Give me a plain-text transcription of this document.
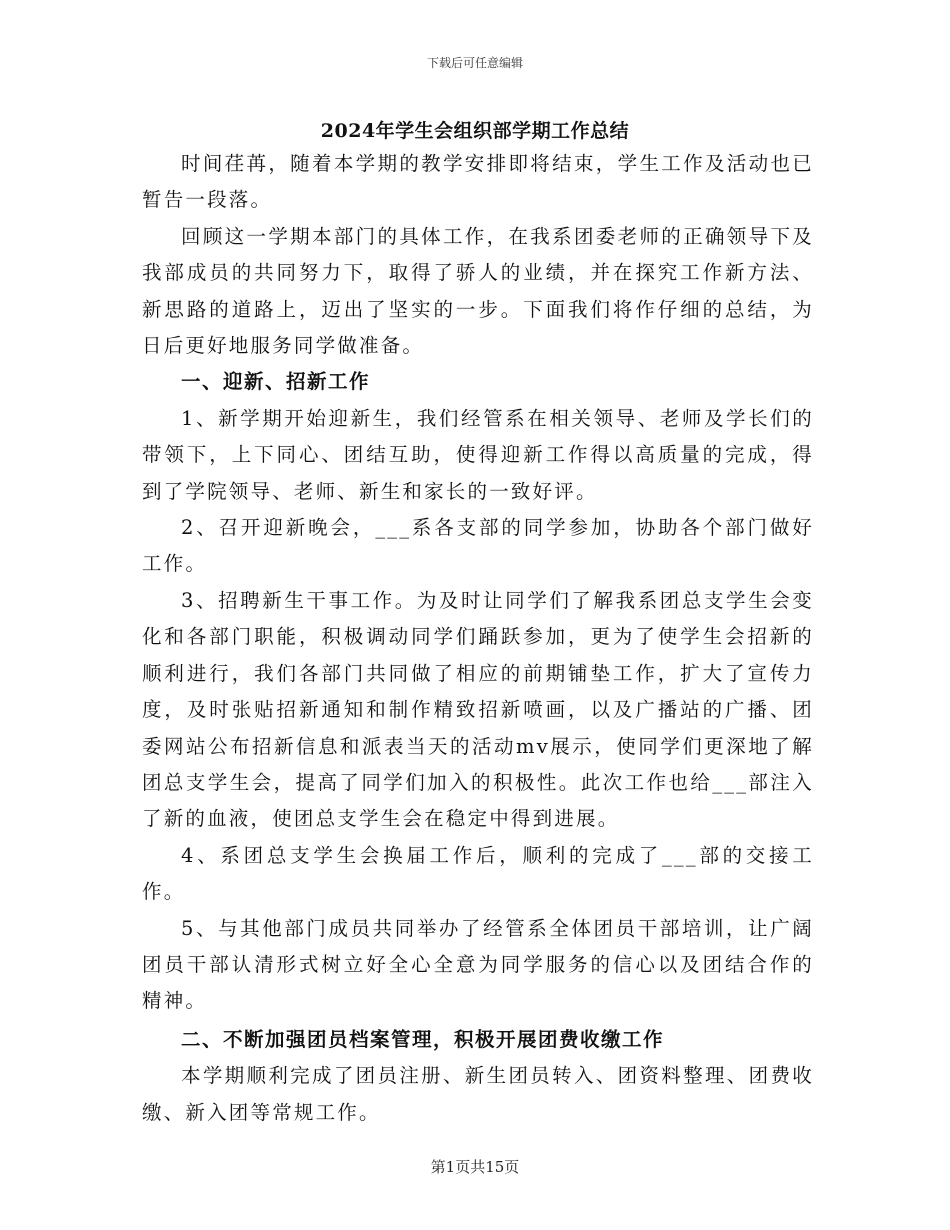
下载后可任意编辑
2024年学生会组织部学期工作总结

时间荏苒，随着本学期的教学安排即将结束，学生工作及活动也已暂告一段落。

回顾这一学期本部门的具体工作，在我系团委老师的正确领导下及我部成员的共同努力下，取得了骄人的业绩，并在探究工作新方法、新思路的道路上，迈出了坚实的一步。下面我们将作仔细的总结，为日后更好地服务同学做准备。

一、迎新、招新工作

1、新学期开始迎新生，我们经管系在相关领导、老师及学长们的带领下，上下同心、团结互助，使得迎新工作得以高质量的完成，得到了学院领导、老师、新生和家长的一致好评。

2、召开迎新晚会，___系各支部的同学参加，协助各个部门做好工作。

3、招聘新生干事工作。为及时让同学们了解我系团总支学生会变化和各部门职能，积极调动同学们踊跃参加，更为了使学生会招新的顺利进行，我们各部门共同做了相应的前期铺垫工作，扩大了宣传力度，及时张贴招新通知和制作精致招新喷画，以及广播站的广播、团委网站公布招新信息和派表当天的活动mv展示，使同学们更深地了解团总支学生会，提高了同学们加入的积极性。此次工作也给___部注入了新的血液，使团总支学生会在稳定中得到进展。

4、系团总支学生会换届工作后，顺利的完成了___部的交接工作。

5、与其他部门成员共同举办了经管系全体团员干部培训，让广阔团员干部认清形式树立好全心全意为同学服务的信心以及团结合作的精神。

二、不断加强团员档案管理，积极开展团费收缴工作

本学期顺利完成了团员注册、新生团员转入、团资料整理、团费收缴、新入团等常规工作。

第1页共15页
